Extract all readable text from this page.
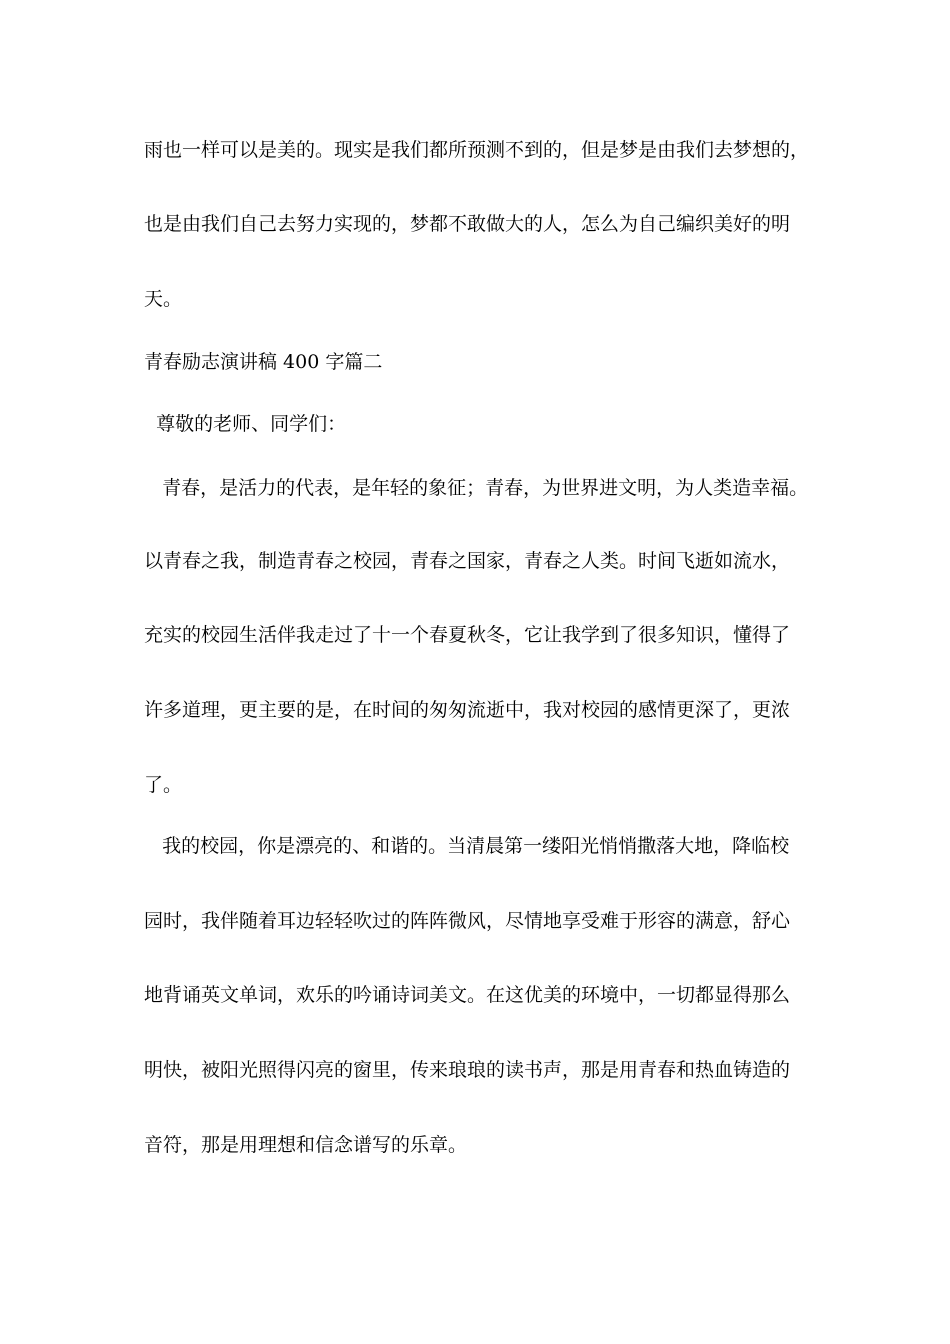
雨也一样可以是美的。现实是我们都所预测不到的，但是梦是由我们去梦想的，
也是由我们自己去努力实现的，梦都不敢做大的人，怎么为自己编织美好的明
天。
青春励志演讲稿 400 字篇二
尊敬的老师、同学们：
青春，是活力的代表，是年轻的象征；青春，为世界进文明，为人类造幸福。
以青春之我，制造青春之校园，青春之国家，青春之人类。时间飞逝如流水，
充实的校园生活伴我走过了十一个春夏秋冬，它让我学到了很多知识，懂得了
许多道理，更主要的是，在时间的匆匆流逝中，我对校园的感情更深了，更浓
了。
我的校园，你是漂亮的、和谐的。当清晨第一缕阳光悄悄撒落大地，降临校
园时，我伴随着耳边轻轻吹过的阵阵微风，尽情地享受难于形容的满意，舒心
地背诵英文单词，欢乐的吟诵诗词美文。在这优美的环境中，一切都显得那么
明快，被阳光照得闪亮的窗里，传来琅琅的读书声，那是用青春和热血铸造的
音符，那是用理想和信念谱写的乐章。
